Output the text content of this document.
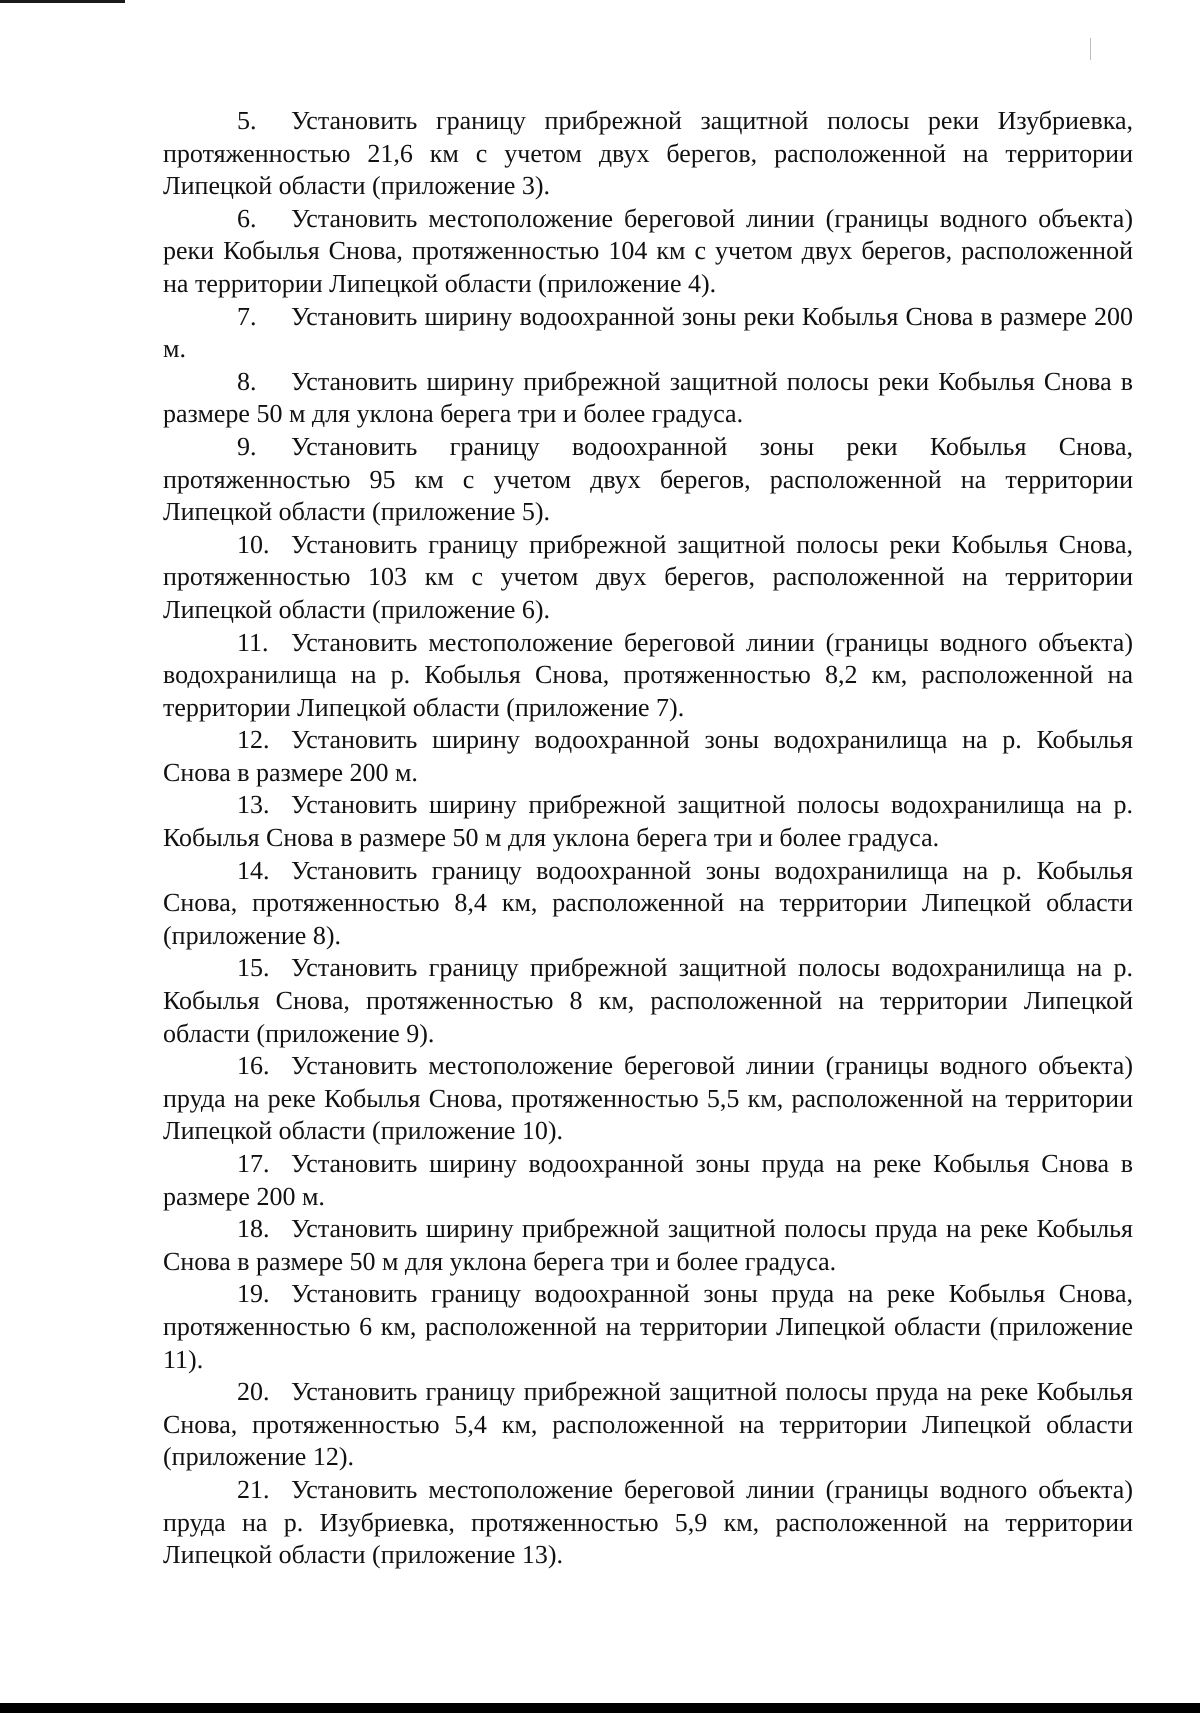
5. Установить границу прибрежной защитной полосы реки Изубриевка, протяженностью 21,6 км с учетом двух берегов, расположенной на территории Липецкой области (приложение 3).

6. Установить местоположение береговой линии (границы водного объекта) реки Кобылья Снова, протяженностью 104 км с учетом двух берегов, расположенной на территории Липецкой области (приложение 4).

7. Установить ширину водоохранной зоны реки Кобылья Снова в размере 200 м.

8. Установить ширину прибрежной защитной полосы реки Кобылья Снова в размере 50 м для уклона берега три и более градуса.

9. Установить границу водоохранной зоны реки Кобылья Снова, протяженностью 95 км с учетом двух берегов, расположенной на территории Липецкой области (приложение 5).

10. Установить границу прибрежной защитной полосы реки Кобылья Снова, протяженностью 103 км с учетом двух берегов, расположенной на территории Липецкой области (приложение 6).

11. Установить местоположение береговой линии (границы водного объекта) водохранилища на р. Кобылья Снова, протяженностью 8,2 км, расположенной на территории Липецкой области (приложение 7).

12. Установить ширину водоохранной зоны водохранилища на р. Кобылья Снова в размере 200 м.

13. Установить ширину прибрежной защитной полосы водохранилища на р. Кобылья Снова в размере 50 м для уклона берега три и более градуса.

14. Установить границу водоохранной зоны водохранилища на р. Кобылья Снова, протяженностью 8,4 км, расположенной на территории Липецкой области (приложение 8).

15. Установить границу прибрежной защитной полосы водохранилища на р. Кобылья Снова, протяженностью 8 км, расположенной на территории Липецкой области (приложение 9).

16. Установить местоположение береговой линии (границы водного объекта) пруда на реке Кобылья Снова, протяженностью 5,5 км, расположенной на территории Липецкой области (приложение 10).

17. Установить ширину водоохранной зоны пруда на реке Кобылья Снова в размере 200 м.

18. Установить ширину прибрежной защитной полосы пруда на реке Кобылья Снова в размере 50 м для уклона берега три и более градуса.

19. Установить границу водоохранной зоны пруда на реке Кобылья Снова, протяженностью 6 км, расположенной на территории Липецкой области (приложение 11).

20. Установить границу прибрежной защитной полосы пруда на реке Кобылья Снова, протяженностью 5,4 км, расположенной на территории Липецкой области (приложение 12).

21. Установить местоположение береговой линии (границы водного объекта) пруда на р. Изубриевка, протяженностью 5,9 км, расположенной на территории Липецкой области (приложение 13).
